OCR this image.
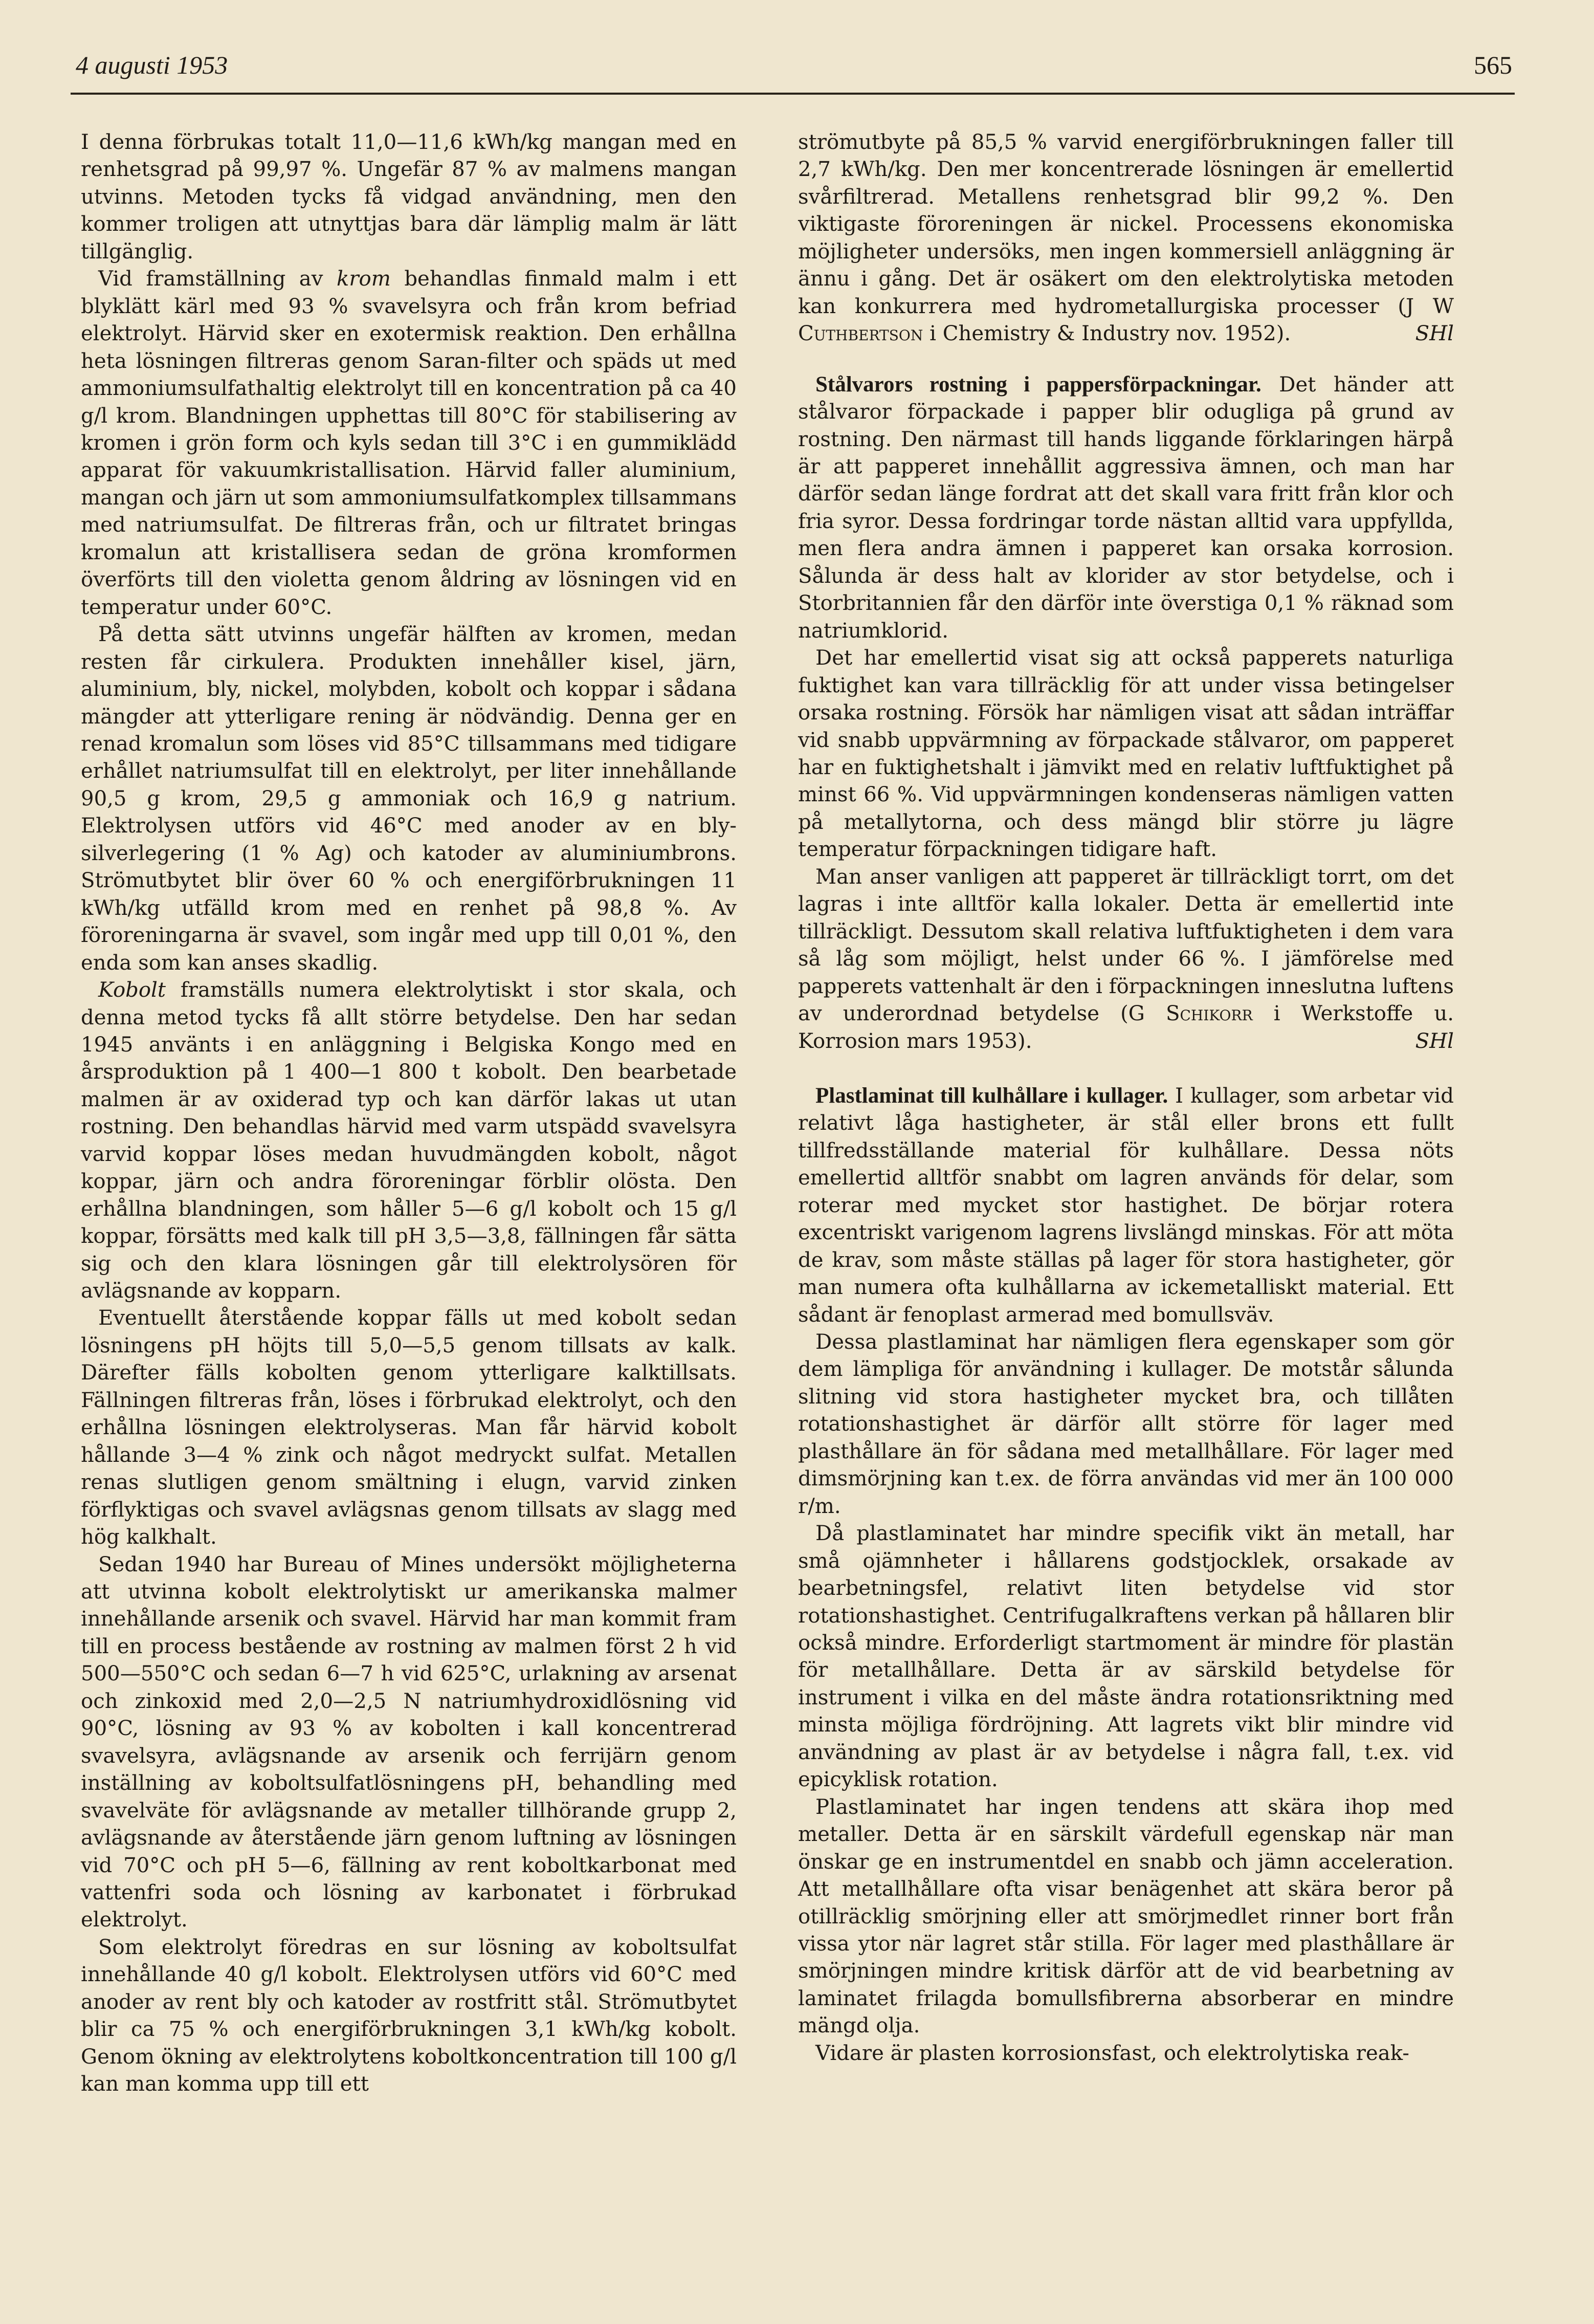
4 augusti 1953	565

I denna förbrukas totalt 11,0—11,6 kWh/kg mangan med en renhetsgrad på 99,97 %. Ungefär 87 % av malmens mangan utvinns. Metoden tycks få vidgad användning, men den kommer troligen att utnyttjas bara där lämplig malm är lätt tillgänglig.

Vid framställning av krom behandlas finmald malm i ett blyklätt kärl med 93 % svavelsyra och från krom befriad elektrolyt. Härvid sker en exotermisk reaktion. Den erhållna heta lösningen filtreras genom Saran-filter och späds ut med ammoniumsulfathaltig elektrolyt till en koncentration på ca 40 g/l krom. Blandningen upphettas till 80°C för stabilisering av kromen i grön form och kyls sedan till 3°C i en gummiklädd apparat för vakuumkristallisation. Härvid faller aluminium, mangan och järn ut som ammoniumsulfatkomplex tillsammans med natriumsulfat. De filtreras från, och ur filtratet bringas kromalun att kristallisera sedan de gröna kromformen överförts till den violetta genom åldring av lösningen vid en temperatur under 60°C.

På detta sätt utvinns ungefär hälften av kromen, medan resten får cirkulera. Produkten innehåller kisel, järn, aluminium, bly, nickel, molybden, kobolt och koppar i sådana mängder att ytterligare rening är nödvändig. Denna ger en renad kromalun som löses vid 85°C tillsammans med tidigare erhållet natriumsulfat till en elektrolyt, per liter innehållande 90,5 g krom, 29,5 g ammoniak och 16,9 g natrium. Elektrolysen utförs vid 46°C med anoder av en bly-silverlegering (1 % Ag) och katoder av aluminiumbrons. Strömutbytet blir över 60 % och energiförbrukningen 11 kWh/kg utfälld krom med en renhet på 98,8 %. Av föroreningarna är svavel, som ingår med upp till 0,01 %, den enda som kan anses skadlig.

Kobolt framställs numera elektrolytiskt i stor skala, och denna metod tycks få allt större betydelse. Den har sedan 1945 använts i en anläggning i Belgiska Kongo med en årsproduktion på 1 400—1 800 t kobolt. Den bearbetade malmen är av oxiderad typ och kan därför lakas ut utan rostning. Den behandlas härvid med varm utspädd svavelsyra varvid koppar löses medan huvudmängden kobolt, något koppar, järn och andra föroreningar förblir olösta. Den erhållna blandningen, som håller 5—6 g/l kobolt och 15 g/l koppar, försätts med kalk till pH 3,5—3,8, fällningen får sätta sig och den klara lösningen går till elektrolysören för avlägsnande av kopparn.

Eventuellt återstående koppar fälls ut med kobolt sedan lösningens pH höjts till 5,0—5,5 genom tillsats av kalk. Därefter fälls kobolten genom ytterligare kalktillsats. Fällningen filtreras från, löses i förbrukad elektrolyt, och den erhållna lösningen elektrolyseras. Man får härvid kobolt hållande 3—4 % zink och något medryckt sulfat. Metallen renas slutligen genom smältning i elugn, varvid zinken förflyktigas och svavel avlägsnas genom tillsats av slagg med hög kalkhalt.

Sedan 1940 har Bureau of Mines undersökt möjligheterna att utvinna kobolt elektrolytiskt ur amerikanska malmer innehållande arsenik och svavel. Härvid har man kommit fram till en process bestående av rostning av malmen först 2 h vid 500—550°C och sedan 6—7 h vid 625°C, urlakning av arsenat och zinkoxid med 2,0—2,5 N natriumhydroxidlösning vid 90°C, lösning av 93 % av kobolten i kall koncentrerad svavelsyra, avlägsnande av arsenik och ferrijärn genom inställning av koboltsulfatlösningens pH, behandling med svavelväte för avlägsnande av metaller tillhörande grupp 2, avlägsnande av återstående järn genom luftning av lösningen vid 70°C och pH 5—6, fällning av rent koboltkarbonat med vattenfri soda och lösning av karbonatet i förbrukad elektrolyt.

Som elektrolyt föredras en sur lösning av koboltsulfat innehållande 40 g/l kobolt. Elektrolysen utförs vid 60°C med anoder av rent bly och katoder av rostfritt stål. Strömutbytet blir ca 75 % och energiförbrukningen 3,1 kWh/kg kobolt. Genom ökning av elektrolytens koboltkoncentration till 100 g/l kan man komma upp till ett

strömutbyte på 85,5 % varvid energiförbrukningen faller till 2,7 kWh/kg. Den mer koncentrerade lösningen är emellertid svårfiltrerad. Metallens renhetsgrad blir 99,2 %. Den viktigaste föroreningen är nickel. Processens ekonomiska möjligheter undersöks, men ingen kommersiell anläggning är ännu i gång. Det är osäkert om den elektrolytiska metoden kan konkurrera med hydrometallurgiska processer (J W Cuthbertson i Chemistry & Industry nov. 1952).	SHl

Stålvarors rostning i pappersförpackningar. Det händer att stålvaror förpackade i papper blir odugliga på grund av rostning. Den närmast till hands liggande förklaringen härpå är att papperet innehållit aggressiva ämnen, och man har därför sedan länge fordrat att det skall vara fritt från klor och fria syror. Dessa fordringar torde nästan alltid vara uppfyllda, men flera andra ämnen i papperet kan orsaka korrosion. Sålunda är dess halt av klorider av stor betydelse, och i Storbritannien får den därför inte överstiga 0,1 % räknad som natriumklorid.

Det har emellertid visat sig att också papperets naturliga fuktighet kan vara tillräcklig för att under vissa betingelser orsaka rostning. Försök har nämligen visat att sådan inträffar vid snabb uppvärmning av förpackade stålvaror, om papperet har en fuktighetshalt i jämvikt med en relativ luftfuktighet på minst 66 %. Vid uppvärmningen kondenseras nämligen vatten på metallytorna, och dess mängd blir större ju lägre temperatur förpackningen tidigare haft.

Man anser vanligen att papperet är tillräckligt torrt, om det lagras i inte alltför kalla lokaler. Detta är emellertid inte tillräckligt. Dessutom skall relativa luftfuktigheten i dem vara så låg som möjligt, helst under 66 %. I jämförelse med papperets vattenhalt är den i förpackningen inneslutna luftens av underordnad betydelse (G Schikorr i Werkstoffe u. Korrosion mars 1953).	SHl

Plastlaminat till kulhållare i kullager. I kullager, som arbetar vid relativt låga hastigheter, är stål eller brons ett fullt tillfredsställande material för kulhållare. Dessa nöts emellertid alltför snabbt om lagren används för delar, som roterar med mycket stor hastighet. De börjar rotera excentriskt varigenom lagrens livslängd minskas. För att möta de krav, som måste ställas på lager för stora hastigheter, gör man numera ofta kulhållarna av ickemetalliskt material. Ett sådant är fenoplast armerad med bomullsväv.

Dessa plastlaminat har nämligen flera egenskaper som gör dem lämpliga för användning i kullager. De motstår sålunda slitning vid stora hastigheter mycket bra, och tillåten rotationshastighet är därför allt större för lager med plasthållare än för sådana med metallhållare. För lager med dimsmörjning kan t.ex. de förra användas vid mer än 100 000 r/m.

Då plastlaminatet har mindre specifik vikt än metall, har små ojämnheter i hållarens godstjocklek, orsakade av bearbetningsfel, relativt liten betydelse vid stor rotationshastighet. Centrifugalkraftens verkan på hållaren blir också mindre. Erforderligt startmoment är mindre för plastän för metallhållare. Detta är av särskild betydelse för instrument i vilka en del måste ändra rotationsriktning med minsta möjliga fördröjning. Att lagrets vikt blir mindre vid användning av plast är av betydelse i några fall, t.ex. vid epicyklisk rotation.

Plastlaminatet har ingen tendens att skära ihop med metaller. Detta är en särskilt värdefull egenskap när man önskar ge en instrumentdel en snabb och jämn acceleration. Att metallhållare ofta visar benägenhet att skära beror på otillräcklig smörjning eller att smörjmedlet rinner bort från vissa ytor när lagret står stilla. För lager med plasthållare är smörjningen mindre kritisk därför att de vid bearbetning av laminatet frilagda bomullsfibrerna absorberar en mindre mängd olja.

Vidare är plasten korrosionsfast, och elektrolytiska reak-
